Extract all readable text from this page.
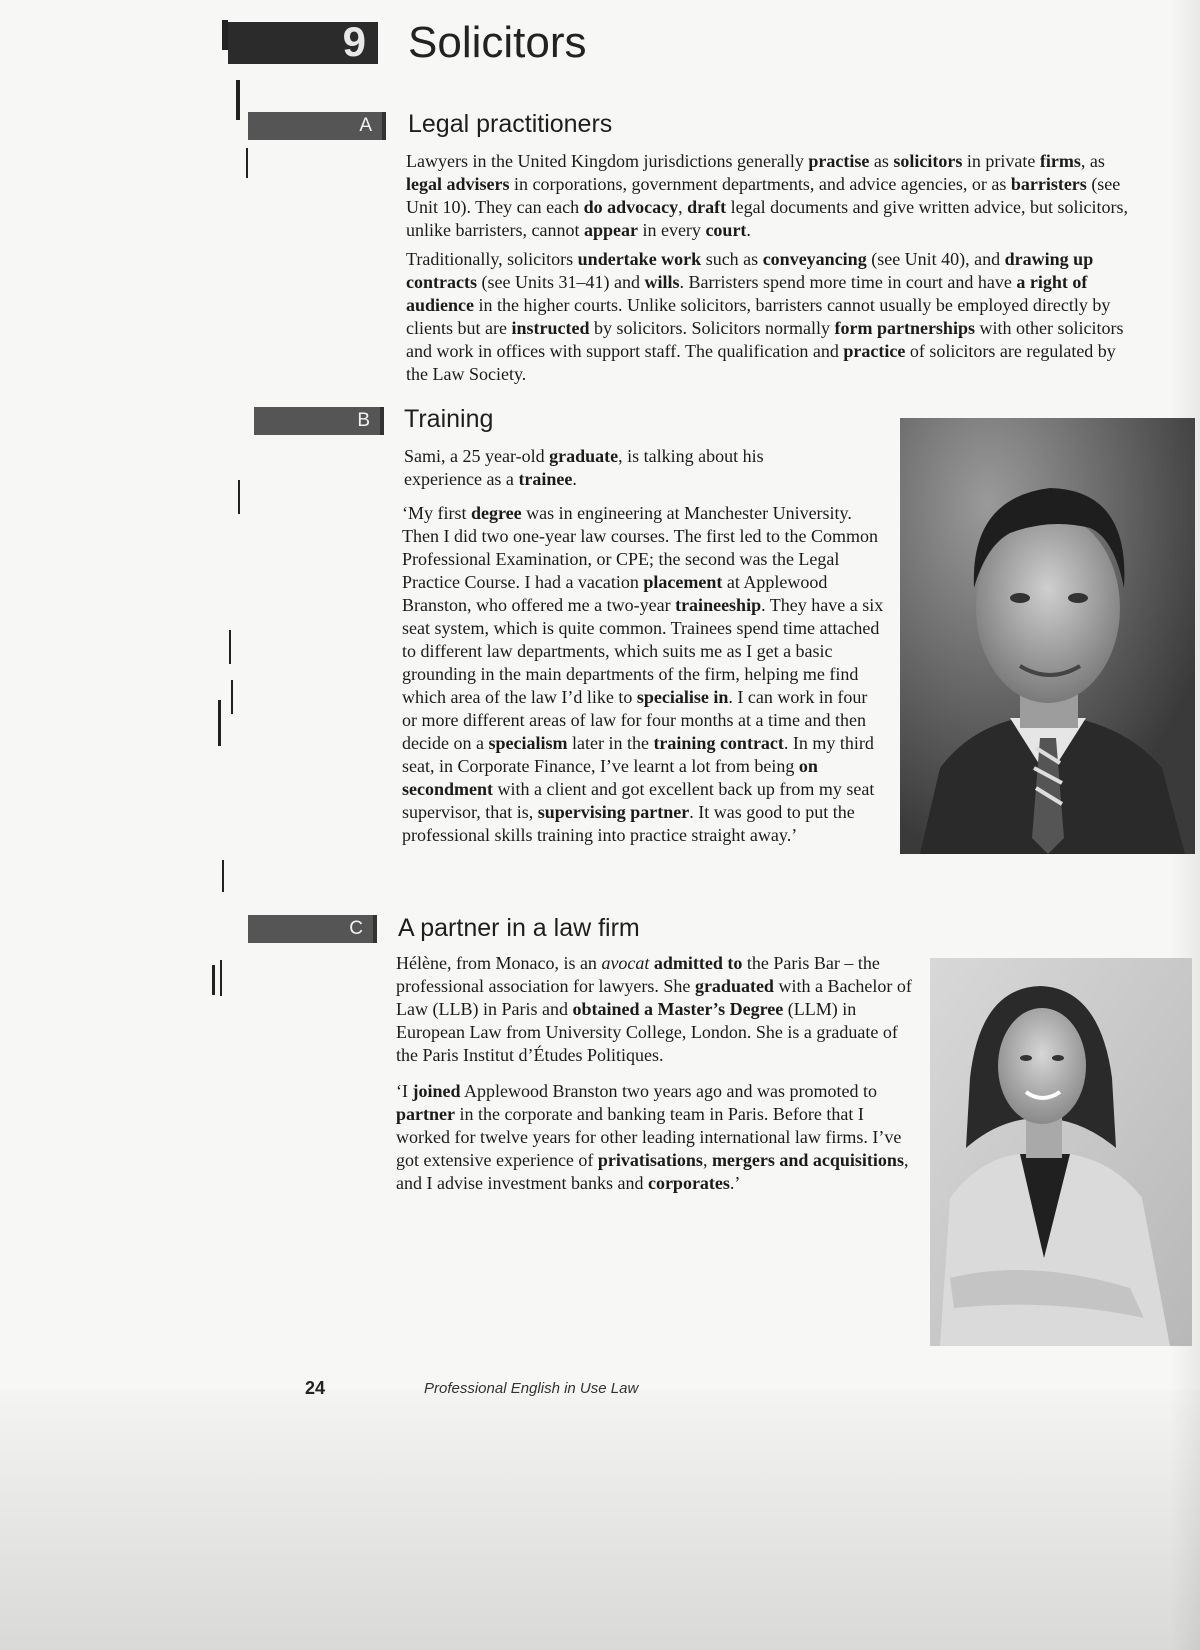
9 Solicitors
A Legal practitioners

Lawyers in the United Kingdom jurisdictions generally practise as solicitors in private firms, as legal advisers in corporations, government departments, and advice agencies, or as barristers (see Unit 10). They can each do advocacy, draft legal documents and give written advice, but solicitors, unlike barristers, cannot appear in every court.

Traditionally, solicitors undertake work such as conveyancing (see Unit 40), and drawing up contracts (see Units 31–41) and wills. Barristers spend more time in court and have a right of audience in the higher courts. Unlike solicitors, barristers cannot usually be employed directly by clients but are instructed by solicitors. Solicitors normally form partnerships with other solicitors and work in offices with support staff. The qualification and practice of solicitors are regulated by the Law Society.

B Training

Sami, a 25 year-old graduate, is talking about his experience as a trainee.

‘My first degree was in engineering at Manchester University. Then I did two one-year law courses. The first led to the Common Professional Examination, or CPE; the second was the Legal Practice Course. I had a vacation placement at Applewood Branston, who offered me a two-year traineeship. They have a six seat system, which is quite common. Trainees spend time attached to different law departments, which suits me as I get a basic grounding in the main departments of the firm, helping me find which area of the law I’d like to specialise in. I can work in four or more different areas of law for four months at a time and then decide on a specialism later in the training contract. In my third seat, in Corporate Finance, I’ve learnt a lot from being on secondment with a client and got excellent back up from my seat supervisor, that is, supervising partner. It was good to put the professional skills training into practice straight away.’

C A partner in a law firm

Hélène, from Monaco, is an avocat admitted to the Paris Bar – the professional association for lawyers. She graduated with a Bachelor of Law (LLB) in Paris and obtained a Master’s Degree (LLM) in European Law from University College, London. She is a graduate of the Paris Institut d’Études Politiques.

‘I joined Applewood Branston two years ago and was promoted to partner in the corporate and banking team in Paris. Before that I worked for twelve years for other leading international law firms. I’ve got extensive experience of privatisations, mergers and acquisitions, and I advise investment banks and corporates.’

24	Professional English in Use Law
